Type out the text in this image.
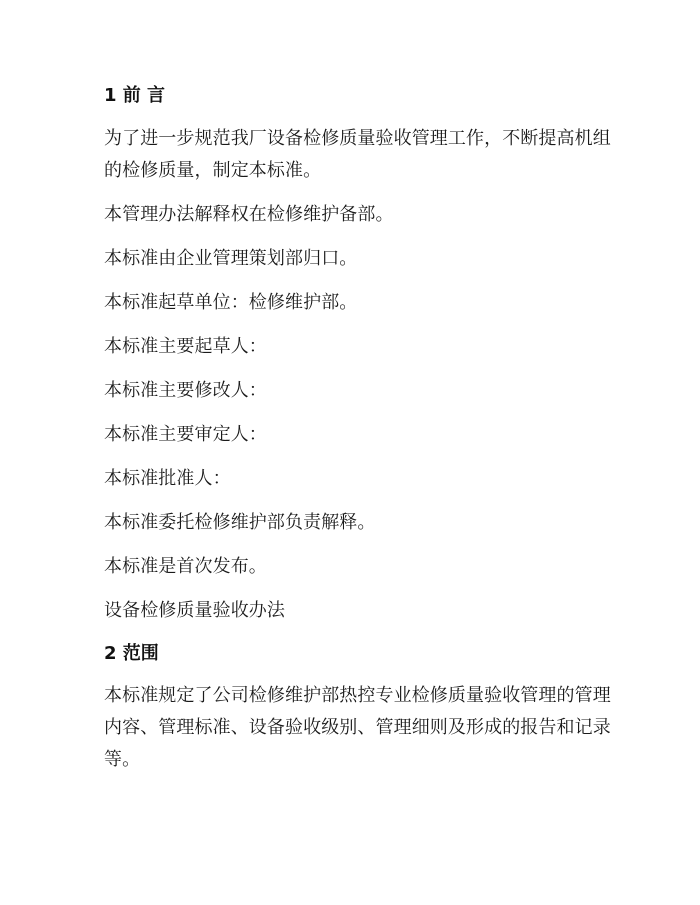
1 前 言
为了进一步规范我厂设备检修质量验收管理工作，不断提高机组
的检修质量，制定本标准。
本管理办法解释权在检修维护备部。
本标准由企业管理策划部归口。
本标准起草单位：检修维护部。
本标准主要起草人：
本标准主要修改人：
本标准主要审定人：
本标准批准人：
本标准委托检修维护部负责解释。
本标准是首次发布。
设备检修质量验收办法
2 范围
本标准规定了公司检修维护部热控专业检修质量验收管理的管理
内容、管理标准、设备验收级别、管理细则及形成的报告和记录
等。
